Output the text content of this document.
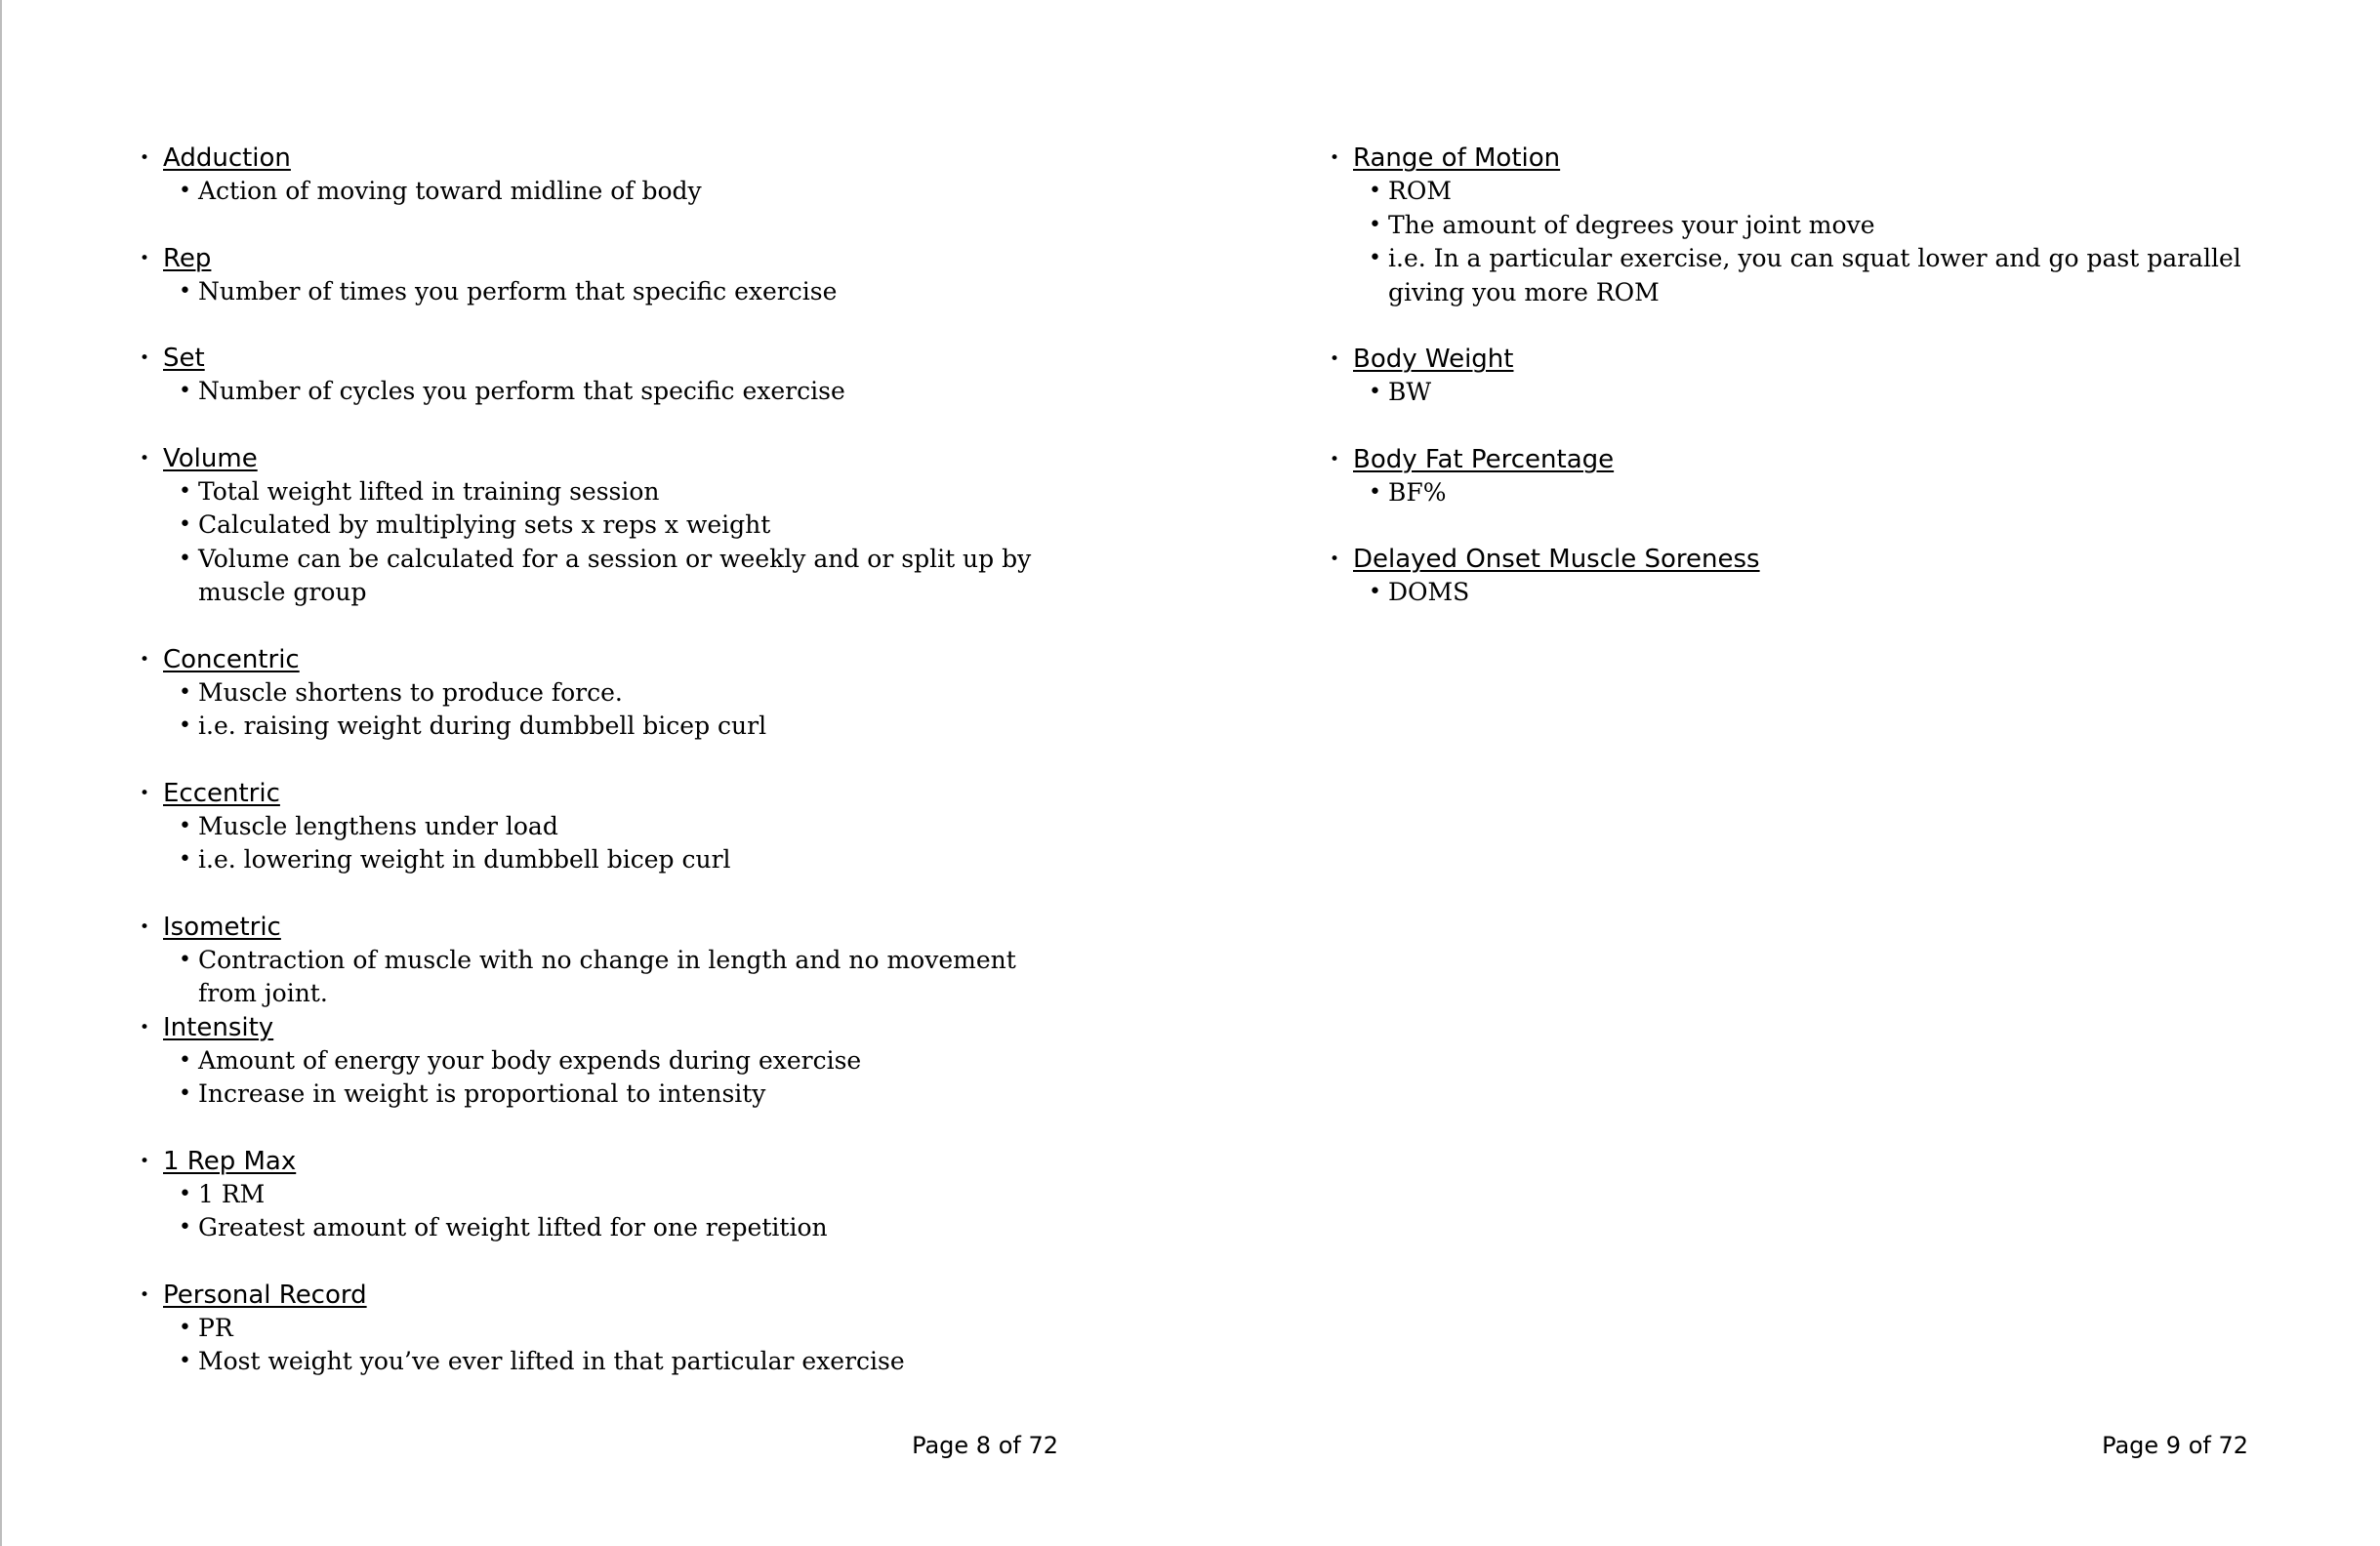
• Adduction
• Action of moving toward midline of body
• Rep
• Number of times you perform that specific exercise
• Set
• Number of cycles you perform that specific exercise
• Volume
• Total weight lifted in training session
• Calculated by multiplying sets x reps x weight
• Volume can be calculated for a session or weekly and or split up by muscle group
• Concentric
• Muscle shortens to produce force.
• i.e. raising weight during dumbbell bicep curl
• Eccentric
• Muscle lengthens under load
• i.e. lowering weight in dumbbell bicep curl
• Isometric
• Contraction of muscle with no change in length and no movement from joint.
• Intensity
• Amount of energy your body expends during exercise
• Increase in weight is proportional to intensity
• 1 Rep Max
• 1 RM
• Greatest amount of weight lifted for one repetition
• Personal Record
• PR
• Most weight you’ve ever lifted in that particular exercise
Page 8 of 72
• Range of Motion
• ROM
• The amount of degrees your joint move
• i.e. In a particular exercise, you can squat lower and go past parallel giving you more ROM
• Body Weight
• BW
• Body Fat Percentage
• BF%
• Delayed Onset Muscle Soreness
• DOMS
Page 9 of 72
